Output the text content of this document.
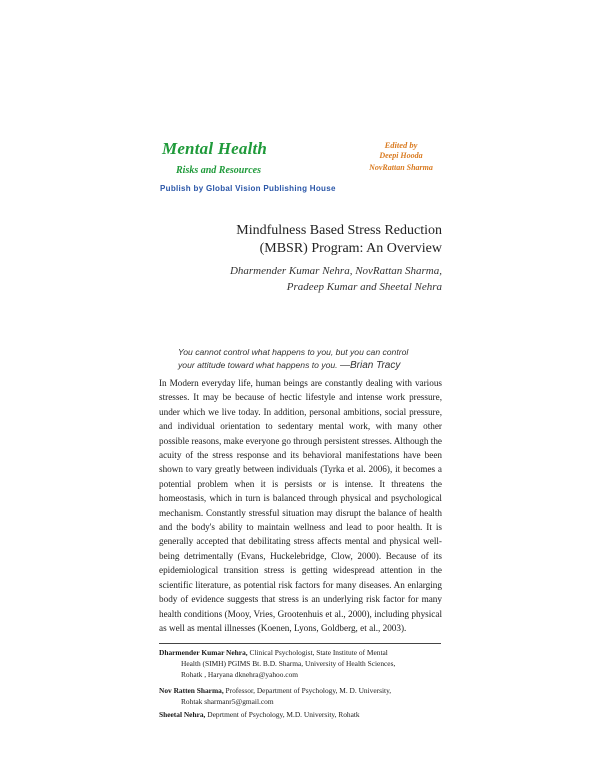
Mental Health
Risks and Resources
Publish by Global Vision Publishing House
Edited by
Deepi Hooda
NovRattan Sharma
Mindfulness Based Stress Reduction
(MBSR) Program: An Overview
Dharmender Kumar Nehra, NovRattan Sharma,
Pradeep Kumar and Sheetal Nehra
You cannot control what happens to you, but you can control
your attitude toward what happens to you. —Brian Tracy
In Modern everyday life, human beings are constantly dealing with various stresses. It may be because of hectic lifestyle and intense work pressure, under which we live today. In addition, personal ambitions, social pressure, and individual orientation to sedentary mental work, with many other possible reasons, make everyone go through persistent stresses. Although the acuity of the stress response and its behavioral manifestations have been shown to vary greatly between individuals (Tyrka et al. 2006), it becomes a potential problem when it is persists or is intense. It threatens the homeostasis, which in turn is balanced through physical and psychological mechanism. Constantly stressful situation may disrupt the balance of health and the body's ability to maintain wellness and lead to poor health. It is generally accepted that debilitating stress affects mental and physical well-being detrimentally (Evans, Huckelebridge, Clow, 2000). Because of its epidemiological transition stress is getting widespread attention in the scientific literature, as potential risk factors for many diseases. An enlarging body of evidence suggests that stress is an underlying risk factor for many health conditions (Mooy, Vries, Grootenhuis et al., 2000), including physical as well as mental illnesses (Koenen, Lyons, Goldberg, et al., 2003).
Dharmender Kumar Nehra, Clinical Psychologist, State Institute of Mental
Health (SIMH) PGIMS Bt. B.D. Sharma, University of Health Sciences,
Rohatk , Haryana dknehra@yahoo.com
Nov Ratten Sharma, Professor, Department of Psychology, M. D. University,
Rohtak sharmanr5@gmail.com
Sheetal Nehra, Deprtment of Psychology, M.D. University, Rohatk
